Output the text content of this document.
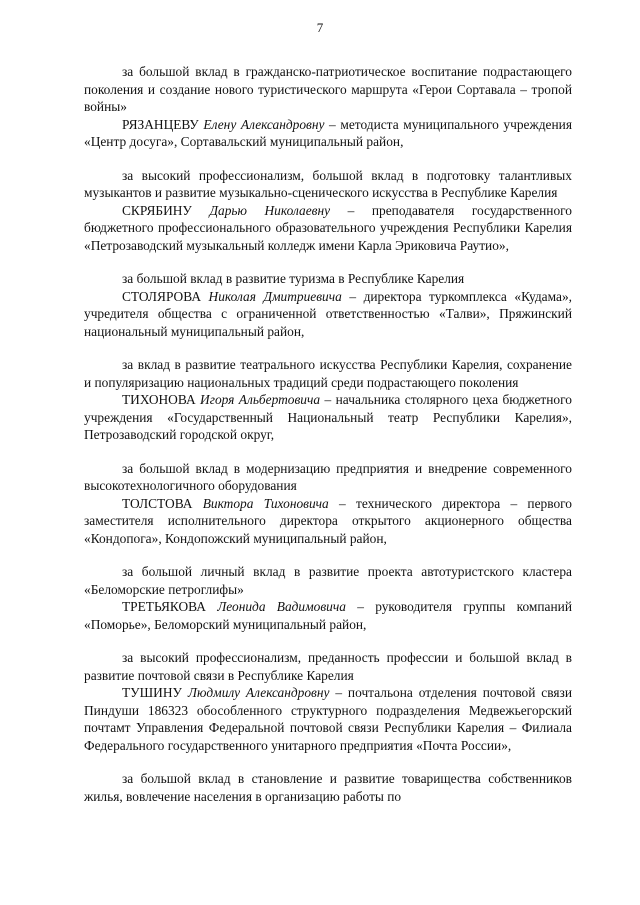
7

за большой вклад в гражданско-патриотическое воспитание подрастающего поколения и создание нового туристического маршрута «Герои Сортавала – тропой войны»

РЯЗАНЦЕВУ Елену Александровну – методиста муниципального учреждения «Центр досуга», Сортавальский муниципальный район,

за высокий профессионализм, большой вклад в подготовку талантливых музыкантов и развитие музыкально-сценического искусства в Республике Карелия

СКРЯБИНУ Дарью Николаевну – преподавателя государственного бюджетного профессионального образовательного учреждения Республики Карелия «Петрозаводский музыкальный колледж имени Карла Эриковича Раутио»,

за большой вклад в развитие туризма в Республике Карелия

СТОЛЯРОВА Николая Дмитриевича – директора туркомплекса «Кудама», учредителя общества с ограниченной ответственностью «Талви», Пряжинский национальный муниципальный район,

за вклад в развитие театрального искусства Республики Карелия, сохранение и популяризацию национальных традиций среди подрастающего поколения

ТИХОНОВА Игоря Альбертовича – начальника столярного цеха бюджетного учреждения «Государственный Национальный театр Республики Карелия», Петрозаводский городской округ,

за большой вклад в модернизацию предприятия и внедрение современного высокотехнологичного оборудования

ТОЛСТОВА Виктора Тихоновича – технического директора – первого заместителя исполнительного директора открытого акционерного общества «Кондопога», Кондопожский муниципальный район,

за большой личный вклад в развитие проекта автотуристского кластера «Беломорские петроглифы»

ТРЕТЬЯКОВА Леонида Вадимовича – руководителя группы компаний «Поморье», Беломорский муниципальный район,

за высокий профессионализм, преданность профессии и большой вклад в развитие почтовой связи в Республике Карелия

ТУШИНУ Людмилу Александровну – почтальона отделения почтовой связи Пиндуши 186323 обособленного структурного подразделения Медвежьегорский почтамт Управления Федеральной почтовой связи Республики Карелия – Филиала Федерального государственного унитарного предприятия «Почта России»,

за большой вклад в становление и развитие товарищества собственников жилья, вовлечение населения в организацию работы по
